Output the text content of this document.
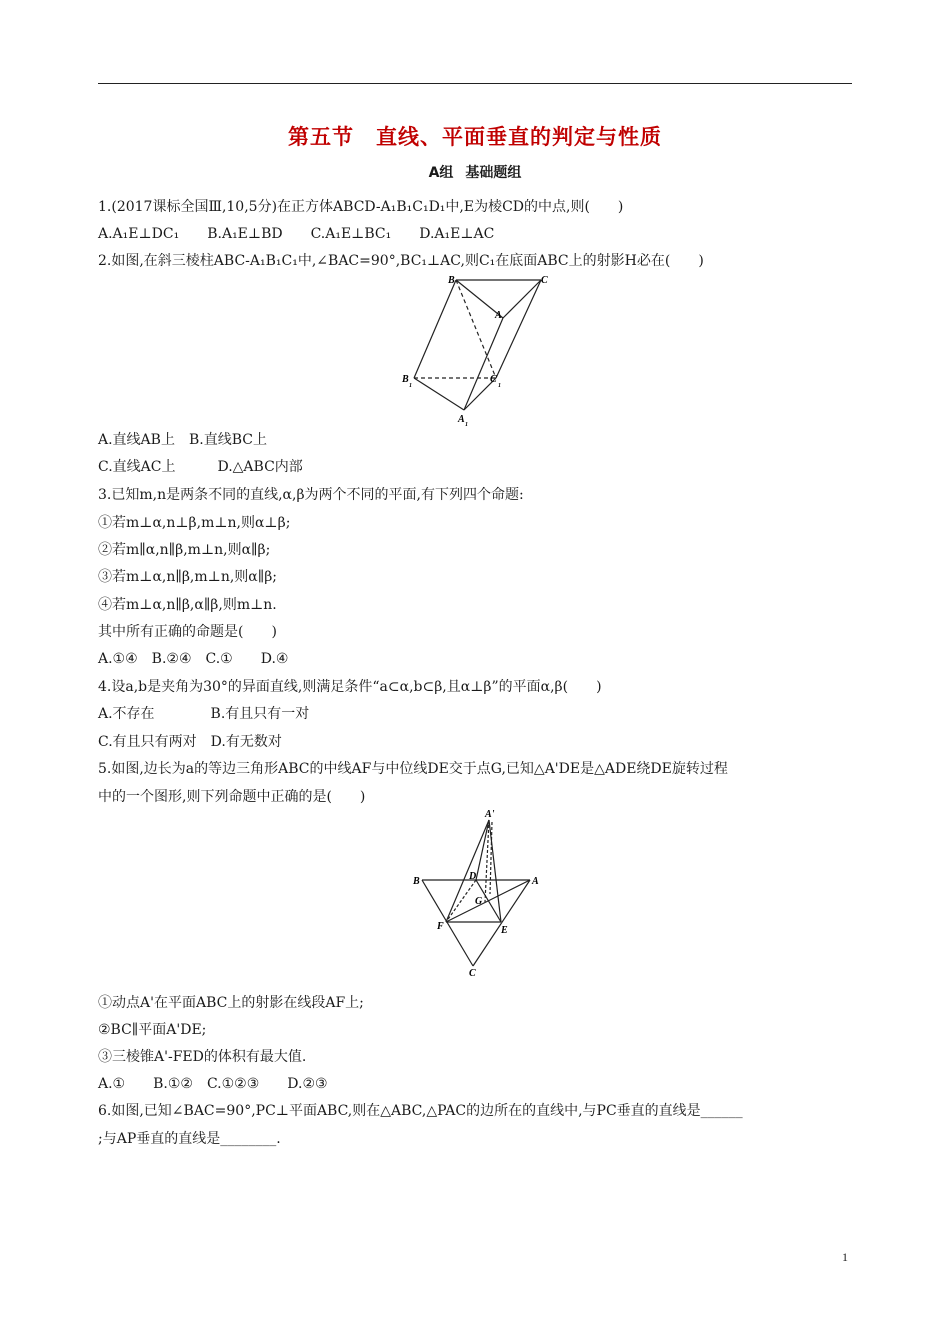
第五节 直线、平面垂直的判定与性质
A组 基础题组
1.(2017课标全国Ⅲ,10,5分)在正方体ABCD-A₁B₁C₁D₁中,E为棱CD的中点,则(　　)
A.A₁E⊥DC₁　　B.A₁E⊥BD　　C.A₁E⊥BC₁　　D.A₁E⊥AC
2.如图,在斜三棱柱ABC-A₁B₁C₁中,∠BAC=90°,BC₁⊥AC,则C₁在底面ABC上的射影H必在(　　)
B	C
A
B
1
C
1
A 1
A.直线AB上　B.直线BC上
C.直线AC上　　　D.△ABC内部
3.已知m,n是两条不同的直线,α,β为两个不同的平面,有下列四个命题:
①若m⊥α,n⊥β,m⊥n,则α⊥β;
②若m∥α,n∥β,m⊥n,则α∥β;
③若m⊥α,n∥β,m⊥n,则α∥β;
④若m⊥α,n∥β,α∥β,则m⊥n.
其中所有正确的命题是(　　)
A.①④　B.②④　C.①　　D.④
4.设a,b是夹角为30°的异面直线,则满足条件“a⊂α,b⊂β,且α⊥β”的平面α,β(　　)
A.不存在　　　　B.有且只有一对
C.有且只有两对　D.有无数对
5.如图,边长为a的等边三角形ABC的中线AF与中位线DE交于点G,已知△A'DE是△ADE绕DE旋转过程
中的一个图形,则下列命题中正确的是(　　)
A'
B	D	A
G
F	E
C
①动点A'在平面ABC上的射影在线段AF上;
②BC∥平面A'DE;
③三棱锥A'-FED的体积有最大值.
A.①　　B.①②　C.①②③　　D.②③
6.如图,已知∠BAC=90°,PC⊥平面ABC,则在△ABC,△PAC的边所在的直线中,与PC垂直的直线是______
;与AP垂直的直线是________.
1
